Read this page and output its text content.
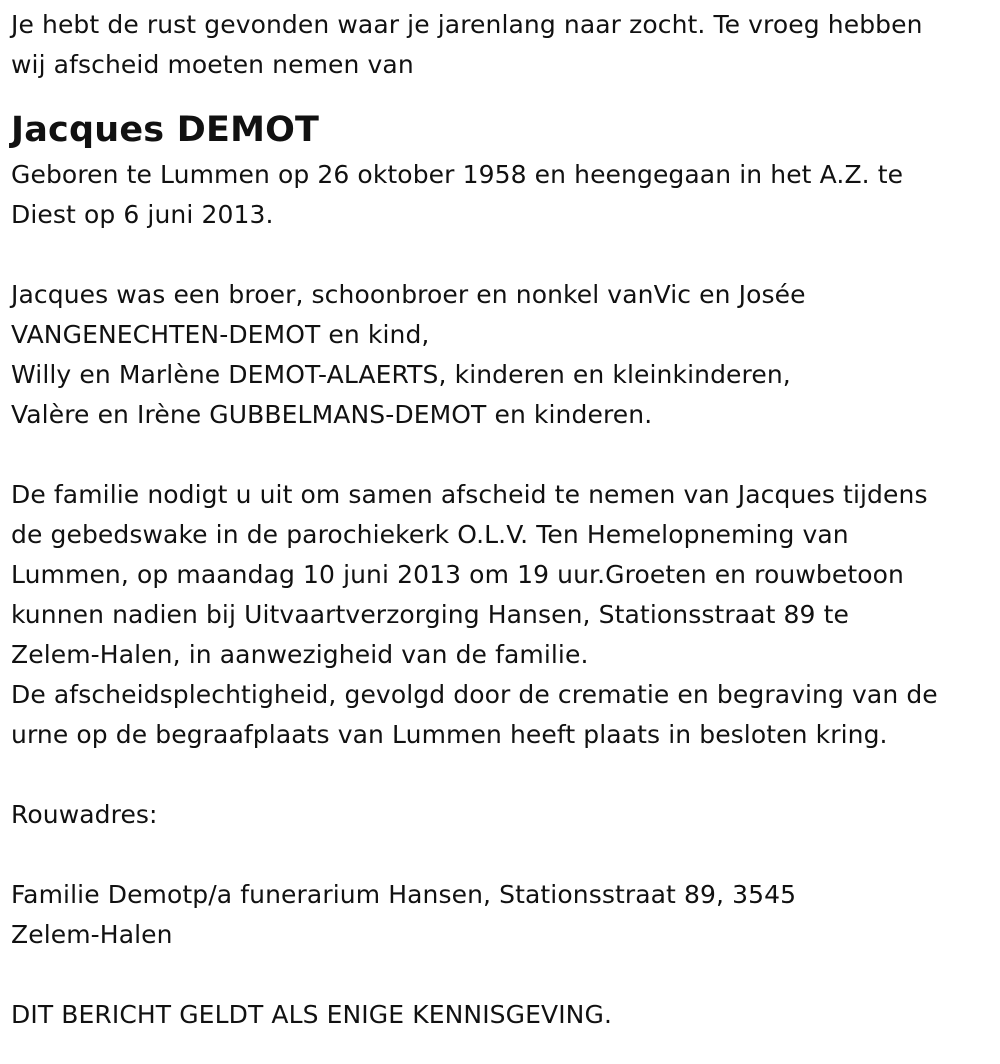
Je hebt de rust gevonden waar je jarenlang naar zocht. Te vroeg hebben
wij afscheid moeten nemen van
Jacques DEMOT
Geboren te Lummen op 26 oktober 1958 en heengegaan in het A.Z. te
Diest op 6 juni 2013.
Jacques was een broer, schoonbroer en nonkel vanVic en Josée
VANGENECHTEN-DEMOT en kind,
Willy en Marlène DEMOT-ALAERTS, kinderen en kleinkinderen,
Valère en Irène GUBBELMANS-DEMOT en kinderen.
De familie nodigt u uit om samen afscheid te nemen van Jacques tijdens
de gebedswake in de parochiekerk O.L.V. Ten Hemelopneming van
Lummen, op maandag 10 juni 2013 om 19 uur.Groeten en rouwbetoon
kunnen nadien bij Uitvaartverzorging Hansen, Stationsstraat 89 te
Zelem-Halen, in aanwezigheid van de familie.
De afscheidsplechtigheid, gevolgd door de crematie en begraving van de
urne op de begraafplaats van Lummen heeft plaats in besloten kring.
Rouwadres:
Familie Demotp/a funerarium Hansen, Stationsstraat 89, 3545
Zelem-Halen
DIT BERICHT GELDT ALS ENIGE KENNISGEVING.
